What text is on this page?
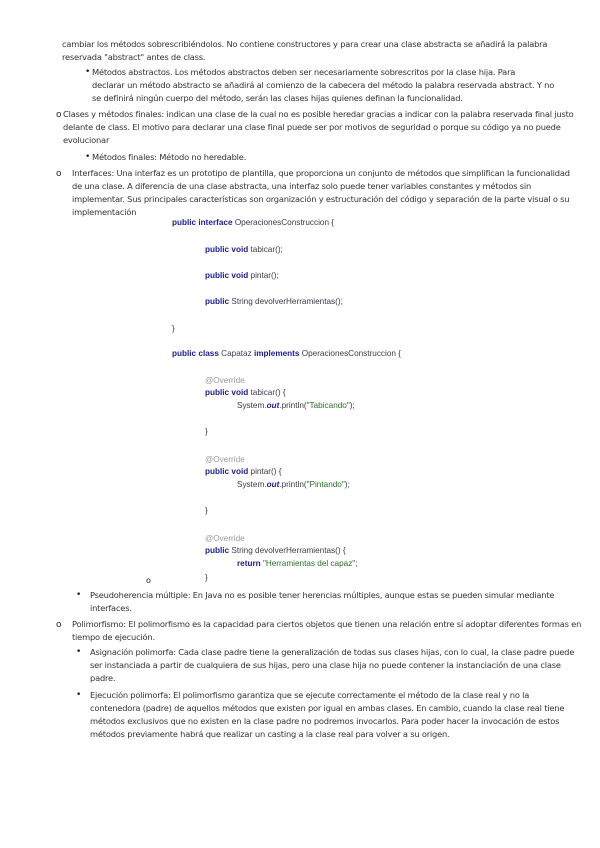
cambiar los métodos sobrescribiéndolos. No contiene constructores y para crear una clase abstracta se añadirá la palabra
reservada "abstract" antes de class.
• Métodos abstractos. Los métodos abstractos deben ser necesariamente sobrescritos por la clase hija. Para
declarar un método abstracto se añadirá al comienzo de la cabecera del método la palabra reservada abstract. Y no
se definirá ningún cuerpo del método, serán las clases hijas quienes definan la funcionalidad.
o Clases y métodos finales: indican una clase de la cual no es posible heredar gracias a indicar con la palabra reservada final justo
delante de class. El motivo para declarar una clase final puede ser por motivos de seguridad o porque su código ya no puede
evolucionar
• Métodos finales: Método no heredable.
o Interfaces: Una interfaz es un prototipo de plantilla, que proporciona un conjunto de métodos que simplifican la funcionalidad
de una clase. A diferencia de una clase abstracta, una interfaz solo puede tener variables constantes y métodos sin
implementar. Sus principales características son organización y estructuración del código y separación de la parte visual o su
implementación
public interface OperacionesConstruccion {
public void tabicar();
public void pintar();
public String devolverHerramientas();
}
public class Capataz implements OperacionesConstruccion {
@Override
public void tabicar() {
System.out.println("Tabicando");
}
@Override
public void pintar() {
System.out.println("Pintando");
}
@Override
public String devolverHerramientas() {
return "Herramientas del capaz";
}
o
• Pseudoherencia múltiple: En Java no es posible tener herencias múltiples, aunque estas se pueden simular mediante
interfaces.
o Polimorfismo: El polimorfismo es la capacidad para ciertos objetos que tienen una relación entre sí adoptar diferentes formas en
tiempo de ejecución.
• Asignación polimorfa: Cada clase padre tiene la generalización de todas sus clases hijas, con lo cual, la clase padre puede
ser instanciada a partir de cualquiera de sus hijas, pero una clase hija no puede contener la instanciación de una clase
padre.
• Ejecución polimorfa: El polimorfismo garantiza que se ejecute correctamente el método de la clase real y no la
contenedora (padre) de aquellos métodos que existen por igual en ambas clases. En cambio, cuando la clase real tiene
métodos exclusivos que no existen en la clase padre no podremos invocarlos. Para poder hacer la invocación de estos
métodos previamente habrá que realizar un casting a la clase real para volver a su origen.
